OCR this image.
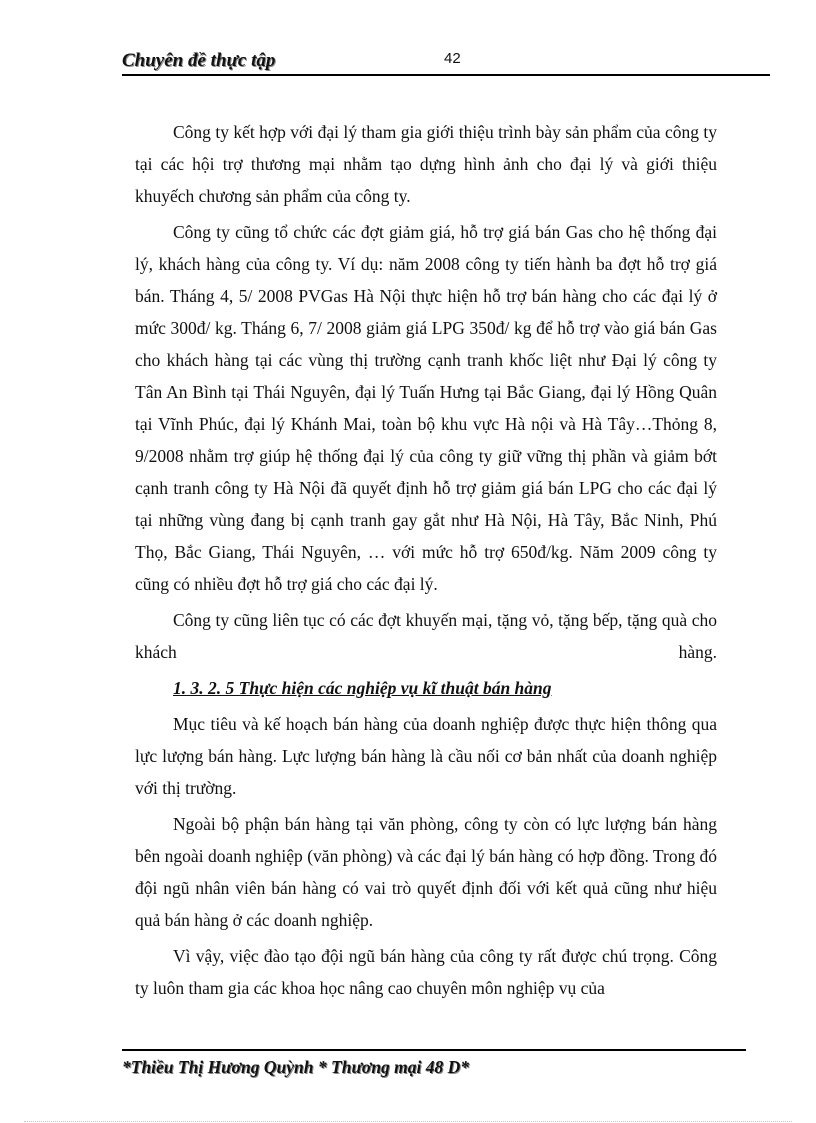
Chuyên đề thực tập	42

Công ty kết hợp với đại lý tham gia giới thiệu trình bày sản phẩm của công ty tại các hội trợ thương mại nhằm tạo dựng hình ảnh cho đại lý và giới thiệu khuyếch chương sản phẩm của công ty.

Công ty cũng tổ chức các đợt giảm giá, hỗ trợ giá bán Gas cho hệ thống đại lý, khách hàng của công ty. Ví dụ: năm 2008 công ty tiến hành ba đợt hỗ trợ giá bán. Tháng 4, 5/ 2008 PVGas Hà Nội thực hiện hỗ trợ bán hàng cho các đại lý ở mức 300đ/ kg. Tháng 6, 7/ 2008 giảm giá LPG 350đ/ kg để hỗ trợ vào giá bán Gas cho khách hàng tại các vùng thị trường cạnh tranh khốc liệt như Đại lý công ty Tân An Bình tại Thái Nguyên, đại lý Tuấn Hưng tại Bắc Giang, đại lý Hồng Quân tại Vĩnh Phúc, đại lý Khánh Mai, toàn bộ khu vực Hà nội và Hà Tây…Thỏng 8, 9/2008 nhằm trợ giúp hệ thống đại lý của công ty giữ vững thị phần và giảm bớt cạnh tranh công ty Hà Nội đã quyết định hỗ trợ giảm giá bán LPG cho các đại lý tại những vùng đang bị cạnh tranh gay gắt như Hà Nội, Hà Tây, Bắc Ninh, Phú Thọ, Bắc Giang, Thái Nguyên, … với mức hỗ trợ 650đ/kg. Năm 2009 công ty cũng có nhiều đợt hỗ trợ giá cho các đại lý.

Công ty cũng liên tục có các đợt khuyến mại, tặng vỏ, tặng bếp, tặng quà cho khách hàng.

1. 3. 2. 5 Thực hiện các nghiệp vụ kĩ thuật bán hàng

Mục tiêu và kế hoạch bán hàng của doanh nghiệp được thực hiện thông qua lực lượng bán hàng. Lực lượng bán hàng là cầu nối cơ bản nhất của doanh nghiệp với thị trường.

Ngoài bộ phận bán hàng tại văn phòng, công ty còn có lực lượng bán hàng bên ngoài doanh nghiệp (văn phòng) và các đại lý bán hàng có hợp đồng. Trong đó đội ngũ nhân viên bán hàng có vai trò quyết định đối với kết quả cũng như hiệu quả bán hàng ở các doanh nghiệp.

Vì vậy, việc đào tạo đội ngũ bán hàng của công ty rất được chú trọng. Công ty luôn tham gia các khoa học nâng cao chuyên môn nghiệp vụ của

*Thiều Thị Hương Quỳnh * Thương mại 48 D*
